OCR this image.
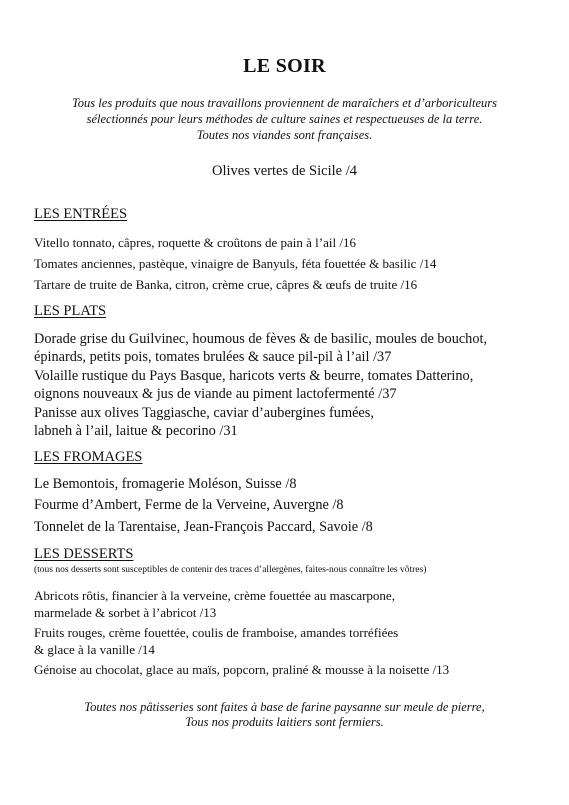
LE SOIR
Tous les produits que nous travaillons proviennent de maraîchers et d’arboriculteurs
sélectionnés pour leurs méthodes de culture saines et respectueuses de la terre.
Toutes nos viandes sont françaises.
Olives vertes de Sicile /4
LES ENTRÉES
Vitello tonnato, câpres, roquette & croûtons de pain à l’ail /16
Tomates anciennes, pastèque, vinaigre de Banyuls, féta fouettée & basilic /14
Tartare de truite de Banka, citron, crème crue, câpres & œufs de truite /16
LES PLATS
Dorade grise du Guilvinec, houmous de fèves & de basilic, moules de bouchot,
épinards, petits pois, tomates brulées & sauce pil-pil à l’ail /37
Volaille rustique du Pays Basque, haricots verts & beurre, tomates Datterino,
oignons nouveaux & jus de viande au piment lactofermenté /37
Panisse aux olives Taggiasche, caviar d’aubergines fumées,
labneh à l’ail, laitue & pecorino /31
LES FROMAGES
Le Bemontois, fromagerie Moléson, Suisse /8
Fourme d’Ambert, Ferme de la Verveine, Auvergne /8
Tonnelet de la Tarentaise, Jean-François Paccard, Savoie /8
LES DESSERTS
(tous nos desserts sont susceptibles de contenir des traces d’allergènes, faites-nous connaître les vôtres)
Abricots rôtis, financier à la verveine, crème fouettée au mascarpone,
marmelade & sorbet à l’abricot /13
Fruits rouges, crème fouettée, coulis de framboise, amandes torréfiées
& glace à la vanille /14
Génoise au chocolat, glace au maïs, popcorn, praliné & mousse à la noisette /13
Toutes nos pâtisseries sont faites à base de farine paysanne sur meule de pierre,
Tous nos produits laitiers sont fermiers.
